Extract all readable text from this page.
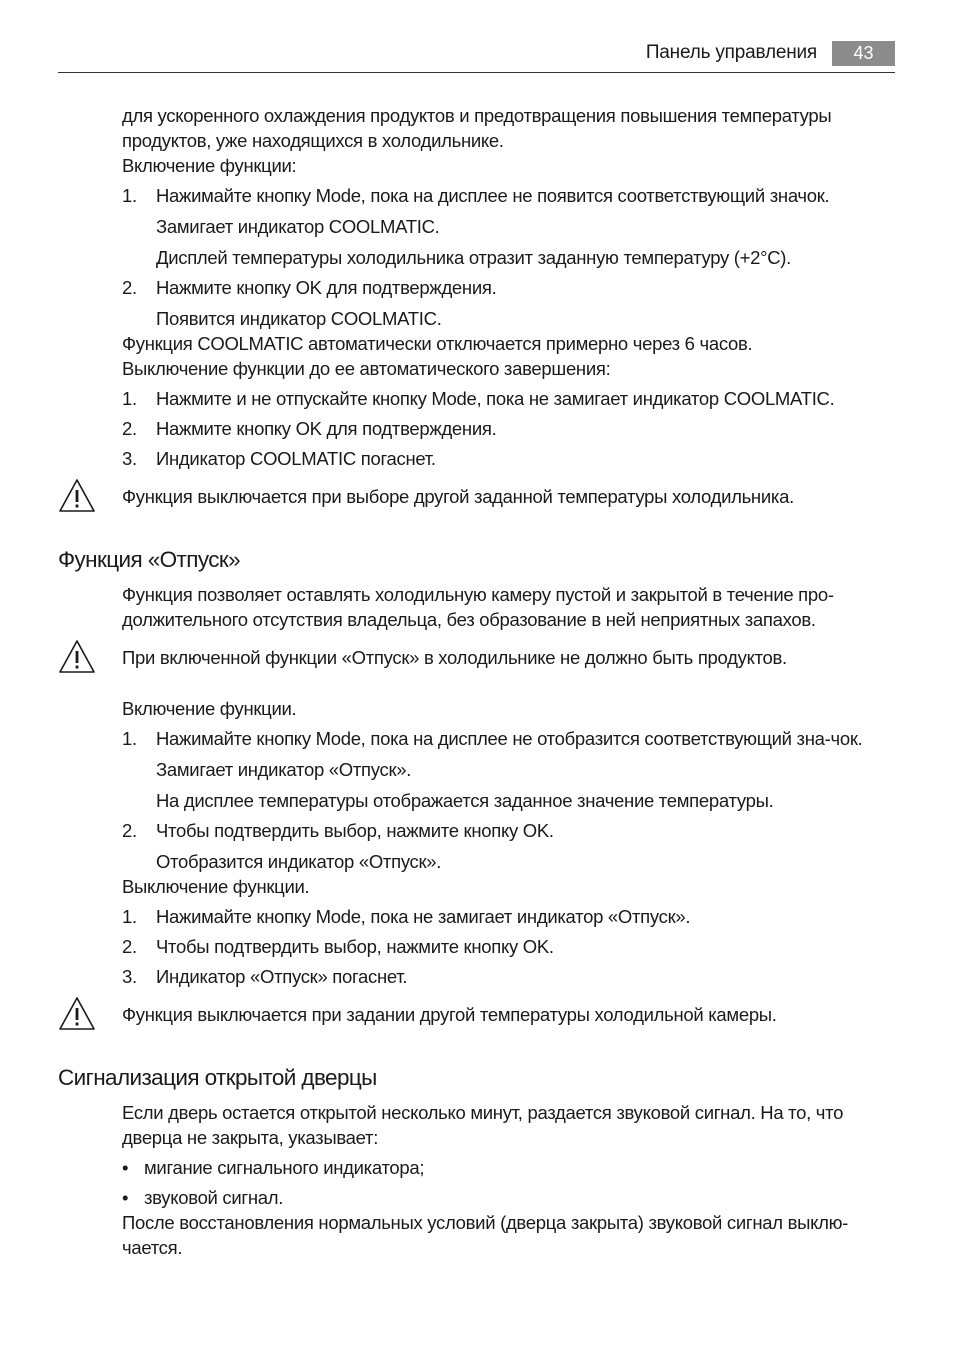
Панель управления	43

для ускоренного охлаждения продуктов и предотвращения повышения температуры продуктов, уже находящихся в холодильнике.

Включение функции:

1.	Нажимайте кнопку Mode, пока на дисплее не появится соответствующий значок.

Замигает индикатор COOLMATIC.

Дисплей температуры холодильника отразит заданную температуру (+2°C).

2.	Нажмите кнопку OK для подтверждения.

Появится индикатор COOLMATIC.

Функция COOLMATIC автоматически отключается примерно через 6 часов.

Выключение функции до ее автоматического завершения:

1.	Нажмите и не отпускайте кнопку Mode, пока не замигает индикатор COOLMATIC.
2.	Нажмите кнопку OK для подтверждения.
3.	Индикатор COOLMATIC погаснет.

Функция выключается при выборе другой заданной температуры холодильника.

Функция «Отпуск»

Функция позволяет оставлять холодильную камеру пустой и закрытой в течение про-должительного отсутствия владельца, без образование в ней неприятных запахов.

При включенной функции «Отпуск» в холодильнике не должно быть продуктов.

Включение функции.

1.	Нажимайте кнопку Mode, пока на дисплее не отобразится соответствующий зна-чок.

Замигает индикатор «Отпуск».

На дисплее температуры отображается заданное значение температуры.

2.	Чтобы подтвердить выбор, нажмите кнопку OK.

Отобразится индикатор «Отпуск».

Выключение функции.

1.	Нажимайте кнопку Mode, пока не замигает индикатор «Отпуск».
2.	Чтобы подтвердить выбор, нажмите кнопку OK.
3.	Индикатор «Отпуск» погаснет.

Функция выключается при задании другой температуры холодильной камеры.

Сигнализация открытой дверцы

Если дверь остается открытой несколько минут, раздается звуковой сигнал. На то, что дверца не закрыта, указывает:

• мигание сигнального индикатора;
• звуковой сигнал.

После восстановления нормальных условий (дверца закрыта) звуковой сигнал выклю-чается.
